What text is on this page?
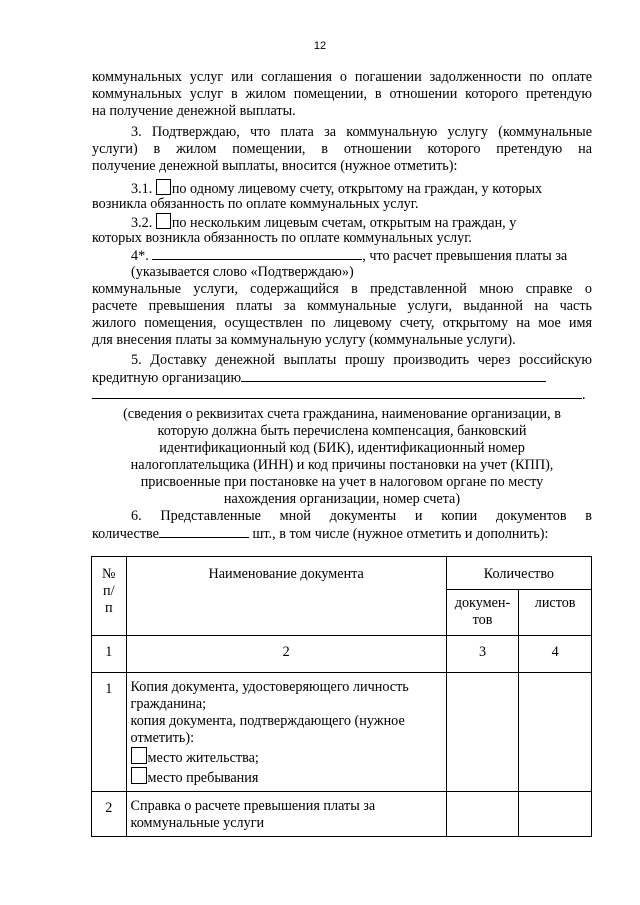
12
коммунальных услуг или соглашения о погашении задолженности по оплате
коммунальных услуг в жилом помещении, в отношении которого претендую
на получение денежной выплаты.
3. Подтверждаю, что плата за коммунальную услугу (коммунальные
услуги) в жилом помещении, в отношении которого претендую на
получение денежной выплаты, вносится (нужное отметить):
3.1. по одному лицевому счету, открытому на граждан, у которых
возникла обязанность по оплате коммунальных услуг.
3.2. по нескольким лицевым счетам, открытым на граждан, у
которых возникла обязанность по оплате коммунальных услуг.
4*.	, что расчет превышения платы за
(указывается слово «Подтверждаю»)
коммунальные услуги, содержащийся в представленной мною справке о
расчете превышения платы за коммунальные услуги, выданной на часть
жилого помещения, осуществлен по лицевому счету, открытому на мое имя
для внесения платы за коммунальную услугу (коммунальные услуги).
5. Доставку денежной выплаты прошу производить через российскую
кредитную организацию
.
(сведения о реквизитах счета гражданина, наименование организации, в
которую должна быть перечислена компенсация, банковский
идентификационный код (БИК), идентификационный номер
налогоплательщика (ИНН) и код причины постановки на учет (КПП),
присвоенные при постановке на учет в налоговом органе по месту
нахождения организации, номер счета)
6. Представленные мной документы и копии документов в
количестве	шт., в том числе (нужное отметить и дополнить):
№ п/п	Наименование документа	Количество	
		докумен-тов	листов
1	2	3	4
1	Копия документа, удостоверяющего личность гражданина;
копия документа, подтверждающего (нужное отметить):
место жительства;
место пребывания		

2	Справка о расчете превышения платы за коммунальные услуги		
